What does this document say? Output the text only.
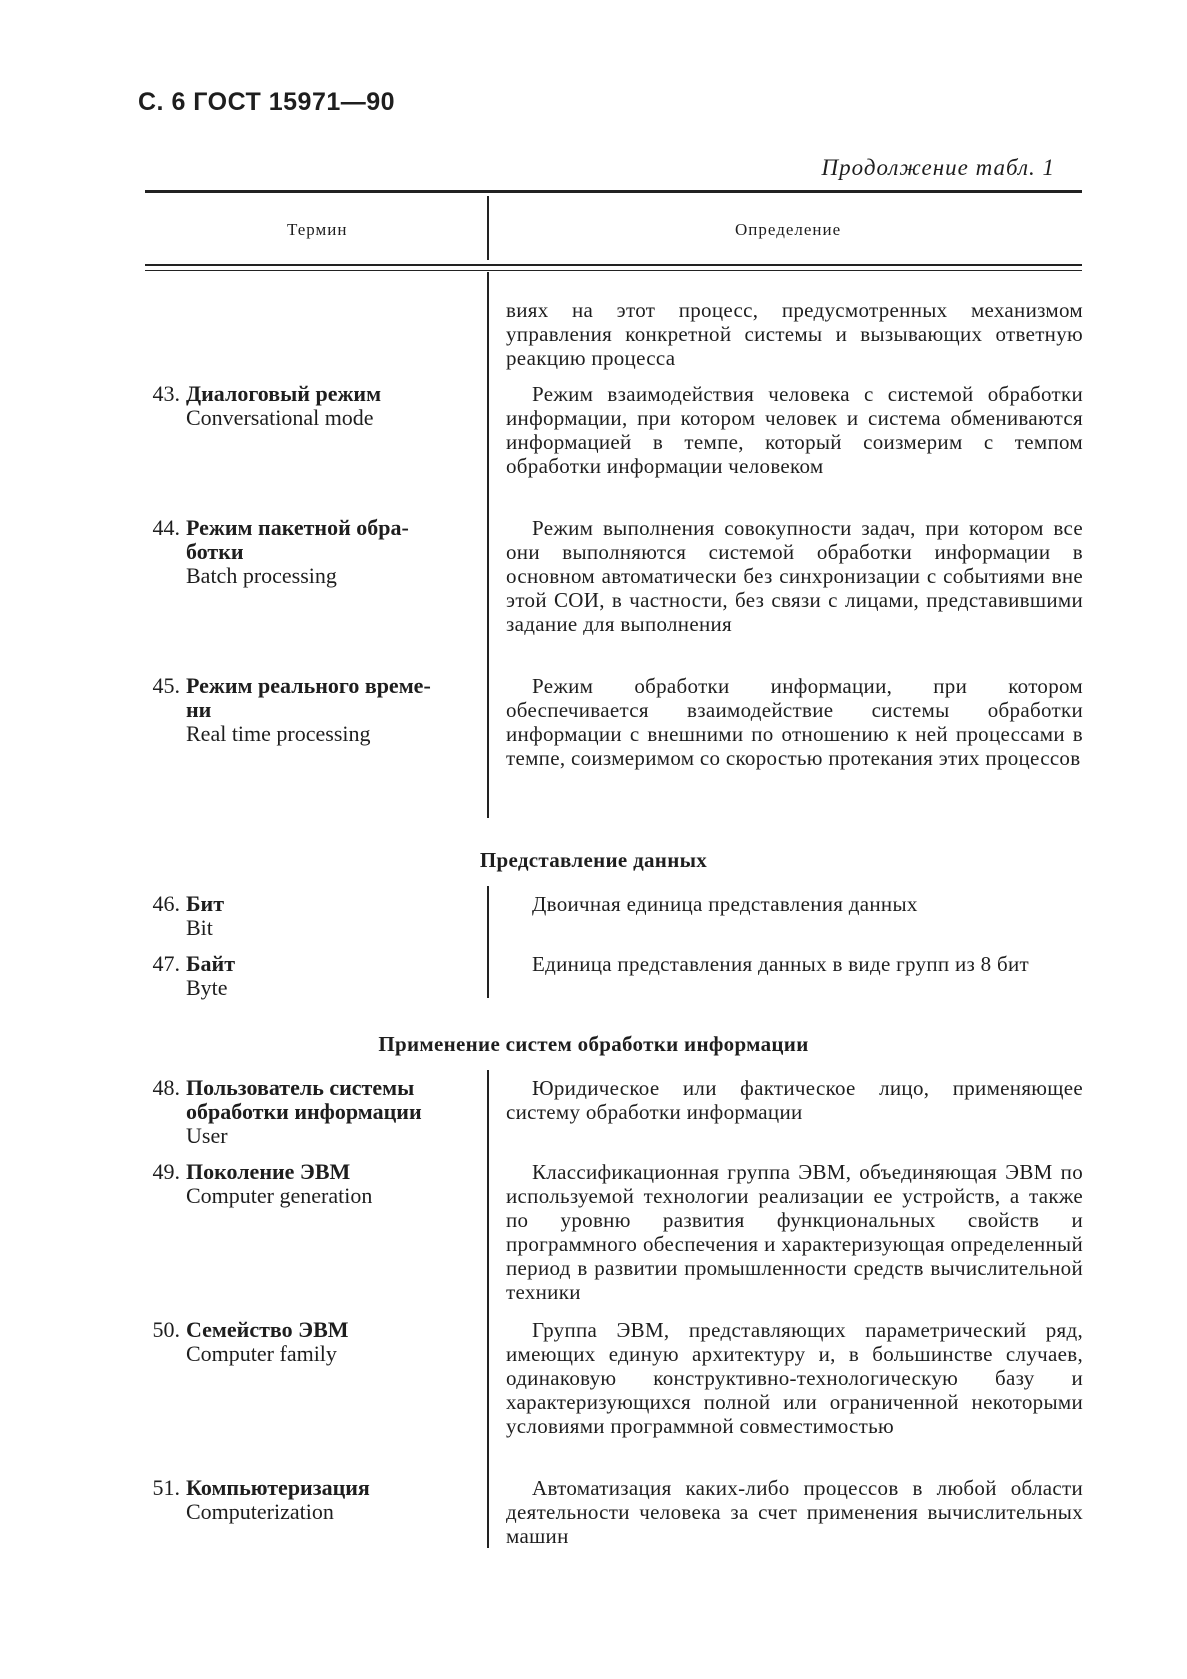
С. 6 ГОСТ 15971—90
Продолжение табл. 1
Термин	Определение
виях на этот процесс, предусмотренных механизмом управления конкретной системы и вызывающих ответную реакцию процесса
43. Диалоговый режим
Conversational mode
Режим взаимодействия человека с системой обработки информации, при котором человек и система обмениваются информацией в темпе, который соизмерим с темпом обработки информации человеком
44. Режим пакетной обра-
ботки
Batch processing
Режим выполнения совокупности задач, при котором все они выполняются системой обработки информации в основном автоматически без синхронизации с событиями вне этой СОИ, в частности, без связи с лицами, представившими задание для выполнения
45. Режим реального време-
ни
Real time processing
Режим обработки информации, при котором обеспечивается взаимодействие системы обработки информации с внешними по отношению к ней процессами в темпе, соизмеримом со скоростью протекания этих процессов
Представление данных
46. Бит
Bit
Двоичная единица представления данных
47. Байт
Byte
Единица представления данных в виде групп из 8 бит
Применение систем обработки информации
48. Пользователь системы
обработки информации
User
Юридическое или фактическое лицо, применяющее систему обработки информации
49. Поколение ЭВМ
Computer generation
Классификационная группа ЭВМ, объединяющая ЭВМ по используемой технологии реализации ее устройств, а также по уровню развития функциональных свойств и программного обеспечения и характеризующая определенный период в развитии промышленности средств вычислительной техники
50. Семейство ЭВМ
Computer family
Группа ЭВМ, представляющих параметрический ряд, имеющих единую архитектуру и, в большинстве случаев, одинаковую конструктивно-технологическую базу и характеризующихся полной или ограниченной некоторыми условиями программной совместимостью
51. Компьютеризация
Computerization
Автоматизация каких-либо процессов в любой области деятельности человека за счет применения вычислительных машин
